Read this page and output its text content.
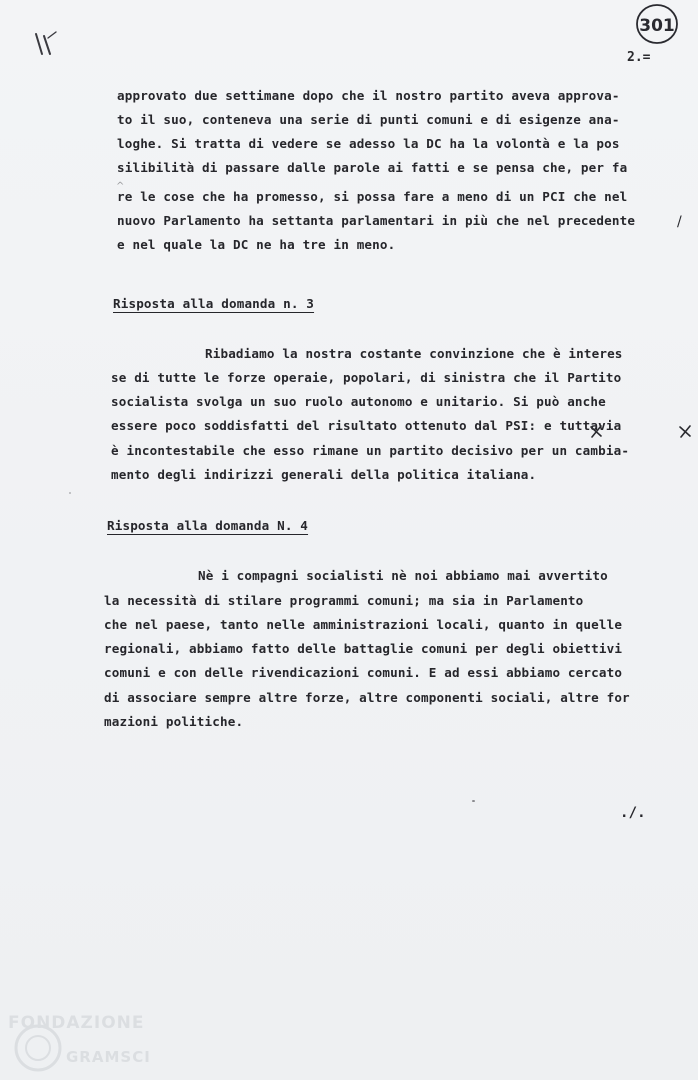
301
2.=
approvato due settimane dopo che il nostro partito aveva approva-
to il suo, conteneva una serie di punti comuni e di esigenze ana-
loghe. Si tratta di vedere se adesso la DC ha la volontà e la pos
silibilità di passare dalle parole ai fatti e se pensa che, per fa
re le cose che ha promesso, si possa fare a meno di un PCI che nel
nuovo Parlamento ha settanta parlamentari in più che nel precedente
e nel quale la DC ne ha tre in meno.
^
/
Risposta alla domanda n. 3
Ribadiamo la nostra costante convinzione che è interes
se di tutte le forze operaie, popolari, di sinistra che il Partito
socialista svolga un suo ruolo autonomo e unitario. Si può anche
essere poco soddisfatti del risultato ottenuto dal PSI: e tuttavia
è incontestabile che esso rimane un partito decisivo per un cambia-
mento degli indirizzi generali della politica italiana.
Risposta alla domanda N. 4
Nè i compagni socialisti nè noi abbiamo mai avvertito
la necessità di stilare programmi comuni; ma sia in Parlamento
che nel paese, tanto nelle amministrazioni locali, quanto in quelle
regionali, abbiamo fatto delle battaglie comuni per degli obiettivi
comuni e con delle rivendicazioni comuni. E ad essi abbiamo cercato
di associare sempre altre forze, altre componenti sociali, altre for
mazioni politiche.
./.
FONDAZIONE
GRAMSCI
